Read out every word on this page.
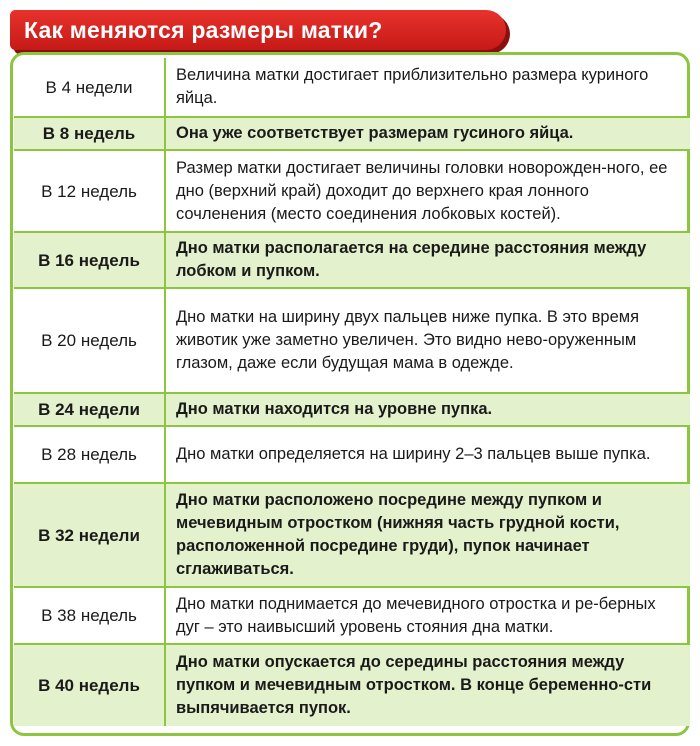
Как меняются размеры матки?
В 4 недели	Величина матки достигает приблизительно размера куриного яйца.
В 8 недель	Она уже соответствует размерам гусиного яйца.
В 12 недель	Размер матки достигает величины головки новорожден-ного, ее дно (верхний край) доходит до верхнего края лонного сочленения (место соединения лобковых костей).
В 16 недель	Дно матки располагается на середине расстояния между лобком и пупком.
В 20 недель	Дно матки на ширину двух пальцев ниже пупка. В это время животик уже заметно увеличен. Это видно нево-оруженным глазом, даже если будущая мама в одежде.
В 24 недели	Дно матки находится на уровне пупка.
В 28 недель	Дно матки определяется на ширину 2–3 пальцев выше пупка.
В 32 недели	Дно матки расположено посредине между пупком и мечевидным отростком (нижняя часть грудной кости, расположенной посредине груди), пупок начинает сглаживаться.
В 38 недель	Дно матки поднимается до мечевидного отростка и ре-берных дуг – это наивысший уровень стояния дна матки.
В 40 недель	Дно матки опускается до середины расстояния между пупком и мечевидным отростком. В конце беременно-сти выпячивается пупок.
